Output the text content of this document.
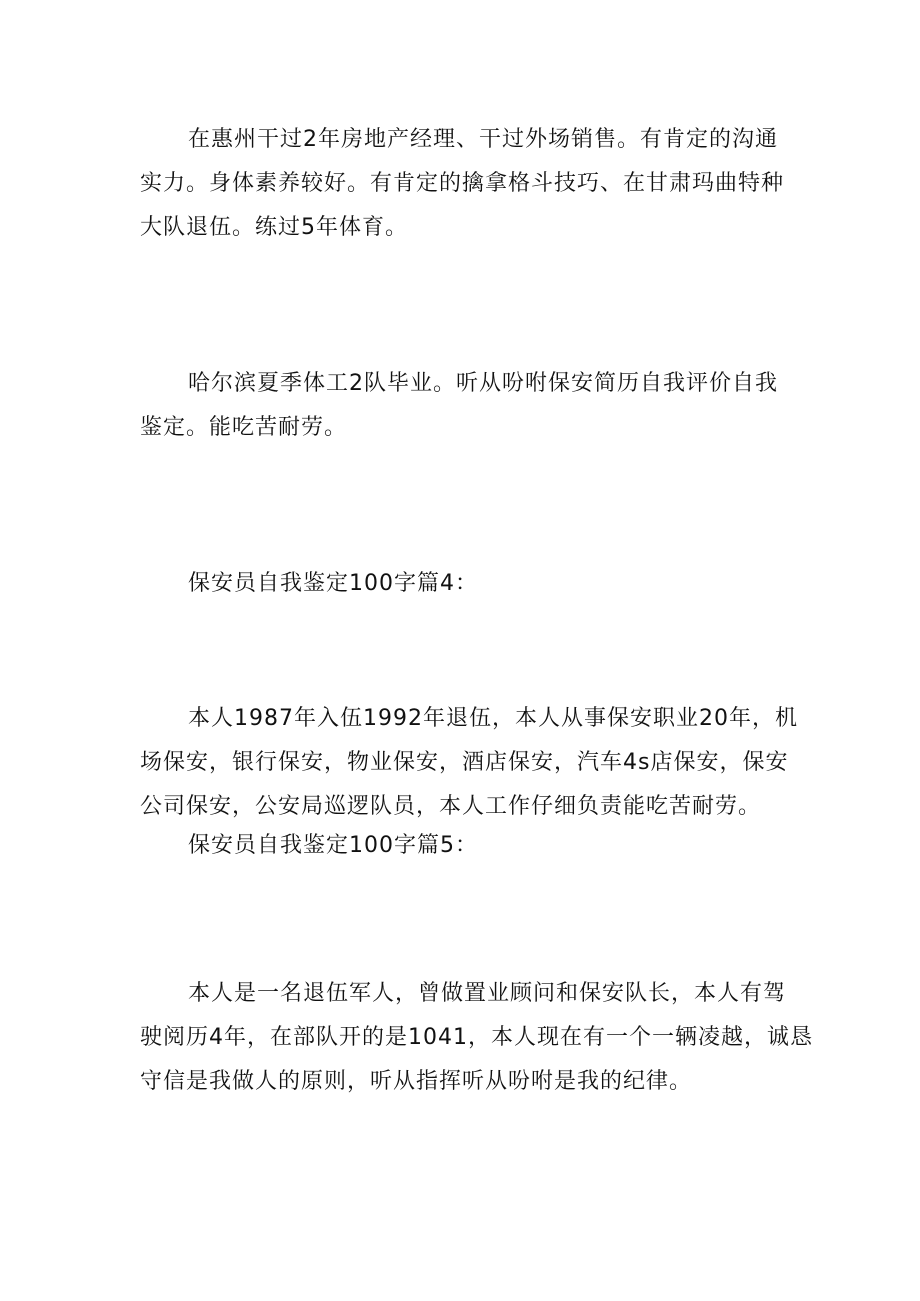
在惠州干过2年房地产经理、干过外场销售。有肯定的沟通
实力。身体素养较好。有肯定的擒拿格斗技巧、在甘肃玛曲特种
大队退伍。练过5年体育。
哈尔滨夏季体工2队毕业。听从吩咐保安简历自我评价自我
鉴定。能吃苦耐劳。
保安员自我鉴定100字篇4：
本人1987年入伍1992年退伍，本人从事保安职业20年，机
场保安，银行保安，物业保安，酒店保安，汽车4s店保安，保安
公司保安，公安局巡逻队员，本人工作仔细负责能吃苦耐劳。
保安员自我鉴定100字篇5：
本人是一名退伍军人，曾做置业顾问和保安队长，本人有驾
驶阅历4年，在部队开的是1041，本人现在有一个一辆凌越，诚恳
守信是我做人的原则，听从指挥听从吩咐是我的纪律。
